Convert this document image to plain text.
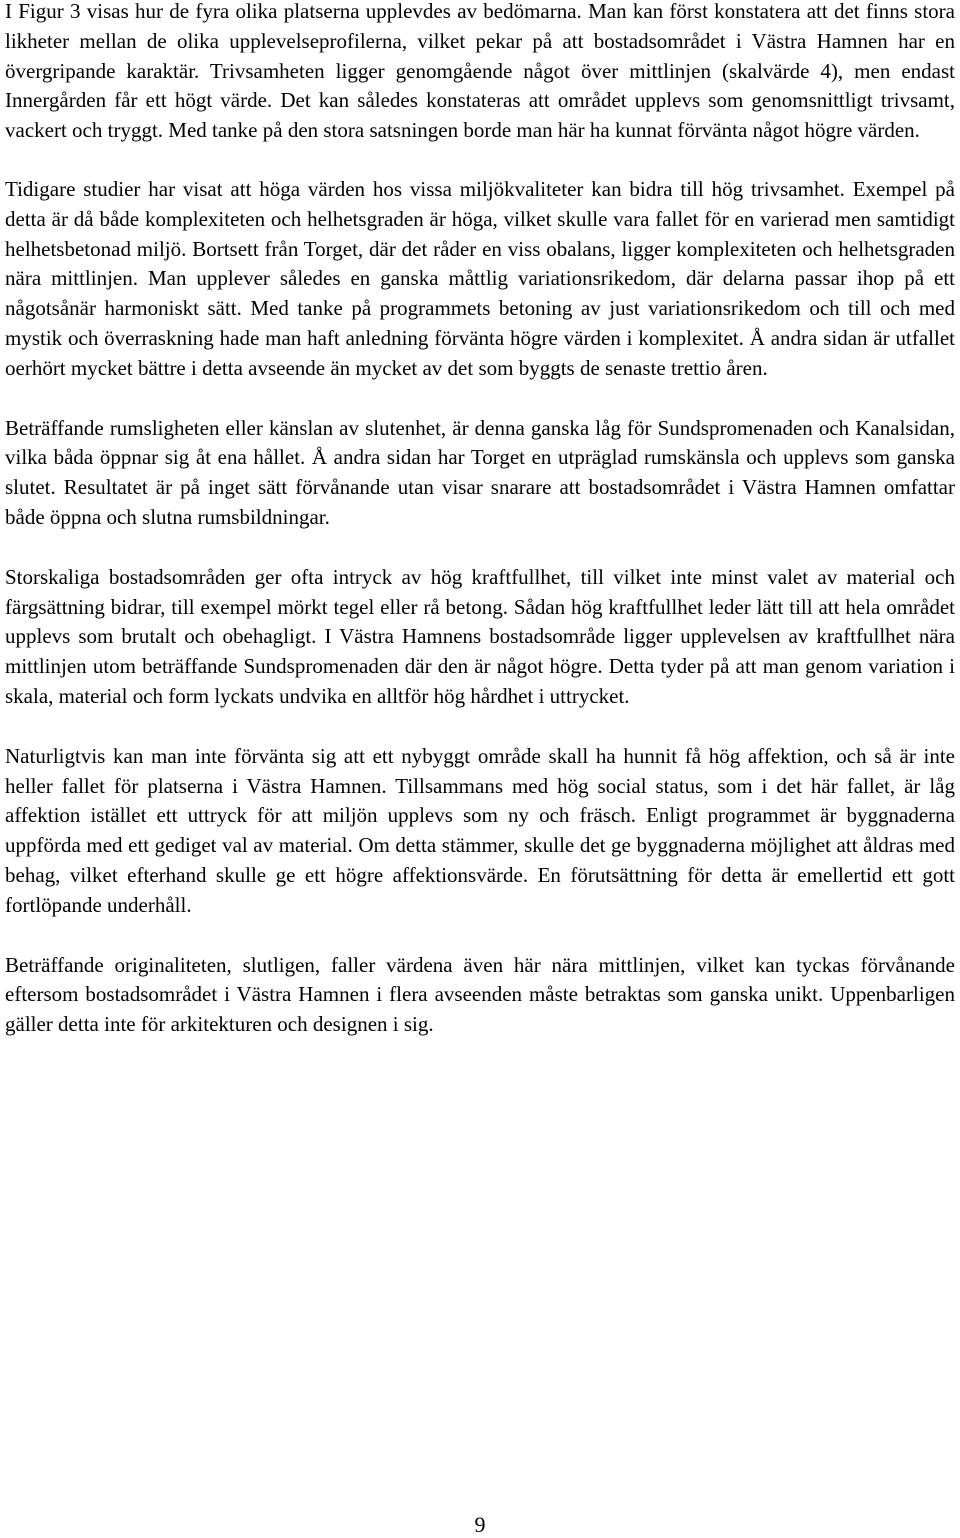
I Figur 3 visas hur de fyra olika platserna upplevdes av bedömarna. Man kan först konstatera att det finns stora likheter mellan de olika upplevelseprofilerna, vilket pekar på att bostadsområdet i Västra Hamnen har en övergripande karaktär. Trivsamheten ligger genomgående något över mittlinjen (skalvärde 4), men endast Innergården får ett högt värde. Det kan således konstateras att området upplevs som genomsnittligt trivsamt, vackert och tryggt. Med tanke på den stora satsningen borde man här ha kunnat förvänta något högre värden.

Tidigare studier har visat att höga värden hos vissa miljökvaliteter kan bidra till hög trivsamhet. Exempel på detta är då både komplexiteten och helhetsgraden är höga, vilket skulle vara fallet för en varierad men samtidigt helhetsbetonad miljö. Bortsett från Torget, där det råder en viss obalans, ligger komplexiteten och helhetsgraden nära mittlinjen. Man upplever således en ganska måttlig variationsrikedom, där delarna passar ihop på ett någotsånär harmoniskt sätt. Med tanke på programmets betoning av just variationsrikedom och till och med mystik och överraskning hade man haft anledning förvänta högre värden i komplexitet. Å andra sidan är utfallet oerhört mycket bättre i detta avseende än mycket av det som byggts de senaste trettio åren.

Beträffande rumsligheten eller känslan av slutenhet, är denna ganska låg för Sundspromenaden och Kanalsidan, vilka båda öppnar sig åt ena hållet. Å andra sidan har Torget en utpräglad rumskänsla och upplevs som ganska slutet. Resultatet är på inget sätt förvånande utan visar snarare att bostadsområdet i Västra Hamnen omfattar både öppna och slutna rumsbildningar.

Storskaliga bostadsområden ger ofta intryck av hög kraftfullhet, till vilket inte minst valet av material och färgsättning bidrar, till exempel mörkt tegel eller rå betong. Sådan hög kraftfullhet leder lätt till att hela området upplevs som brutalt och obehagligt. I Västra Hamnens bostadsområde ligger upplevelsen av kraftfullhet nära mittlinjen utom beträffande Sundspromenaden där den är något högre. Detta tyder på att man genom variation i skala, material och form lyckats undvika en alltför hög hårdhet i uttrycket.

Naturligtvis kan man inte förvänta sig att ett nybyggt område skall ha hunnit få hög affektion, och så är inte heller fallet för platserna i Västra Hamnen. Tillsammans med hög social status, som i det här fallet, är låg affektion istället ett uttryck för att miljön upplevs som ny och fräsch. Enligt programmet är byggnaderna uppförda med ett gediget val av material. Om detta stämmer, skulle det ge byggnaderna möjlighet att åldras med behag, vilket efterhand skulle ge ett högre affektionsvärde. En förutsättning för detta är emellertid ett gott fortlöpande underhåll.

Beträffande originaliteten, slutligen, faller värdena även här nära mittlinjen, vilket kan tyckas förvånande eftersom bostadsområdet i Västra Hamnen i flera avseenden måste betraktas som ganska unikt. Uppenbarligen gäller detta inte för arkitekturen och designen i sig.

9
